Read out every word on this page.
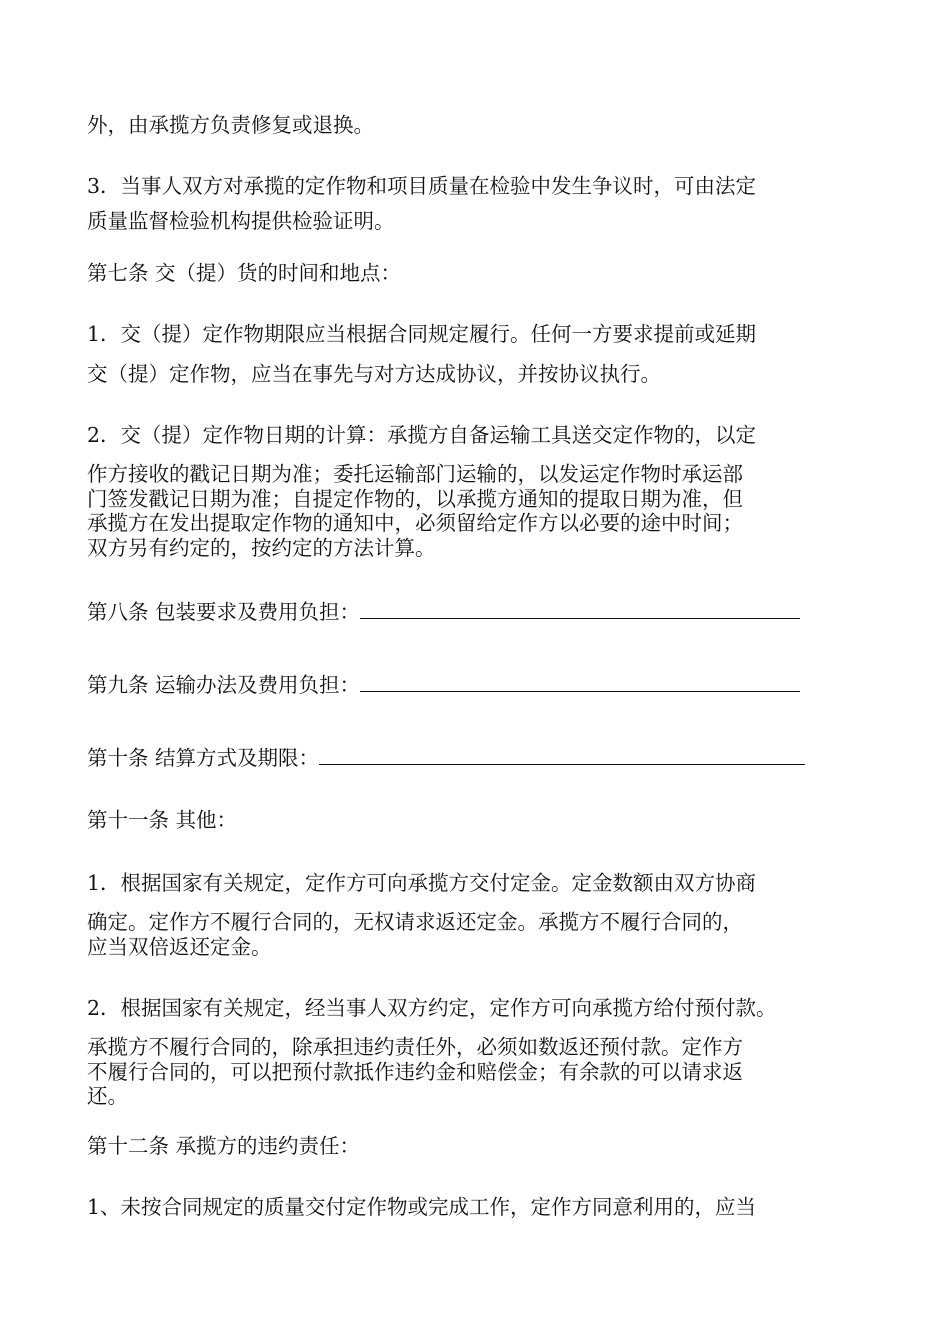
外，由承揽方负责修复或退换。
3．当事人双方对承揽的定作物和项目质量在检验中发生争议时，可由法定
质量监督检验机构提供检验证明。
第七条 交（提）货的时间和地点：
1．交（提）定作物期限应当根据合同规定履行。任何一方要求提前或延期
交（提）定作物，应当在事先与对方达成协议，并按协议执行。
2．交（提）定作物日期的计算：承揽方自备运输工具送交定作物的，以定
作方接收的戳记日期为准；委托运输部门运输的，以发运定作物时承运部
门签发戳记日期为准；自提定作物的，以承揽方通知的提取日期为准，但
承揽方在发出提取定作物的通知中，必须留给定作方以必要的途中时间；
双方另有约定的，按约定的方法计算。
第八条 包装要求及费用负担：
第九条 运输办法及费用负担：
第十条 结算方式及期限：
第十一条 其他：
1．根据国家有关规定，定作方可向承揽方交付定金。定金数额由双方协商
确定。定作方不履行合同的，无权请求返还定金。承揽方不履行合同的，
应当双倍返还定金。
2．根据国家有关规定，经当事人双方约定，定作方可向承揽方给付预付款。
承揽方不履行合同的，除承担违约责任外，必须如数返还预付款。定作方
不履行合同的，可以把预付款抵作违约金和赔偿金；有余款的可以请求返
还。
第十二条 承揽方的违约责任：
1、未按合同规定的质量交付定作物或完成工作，定作方同意利用的，应当
